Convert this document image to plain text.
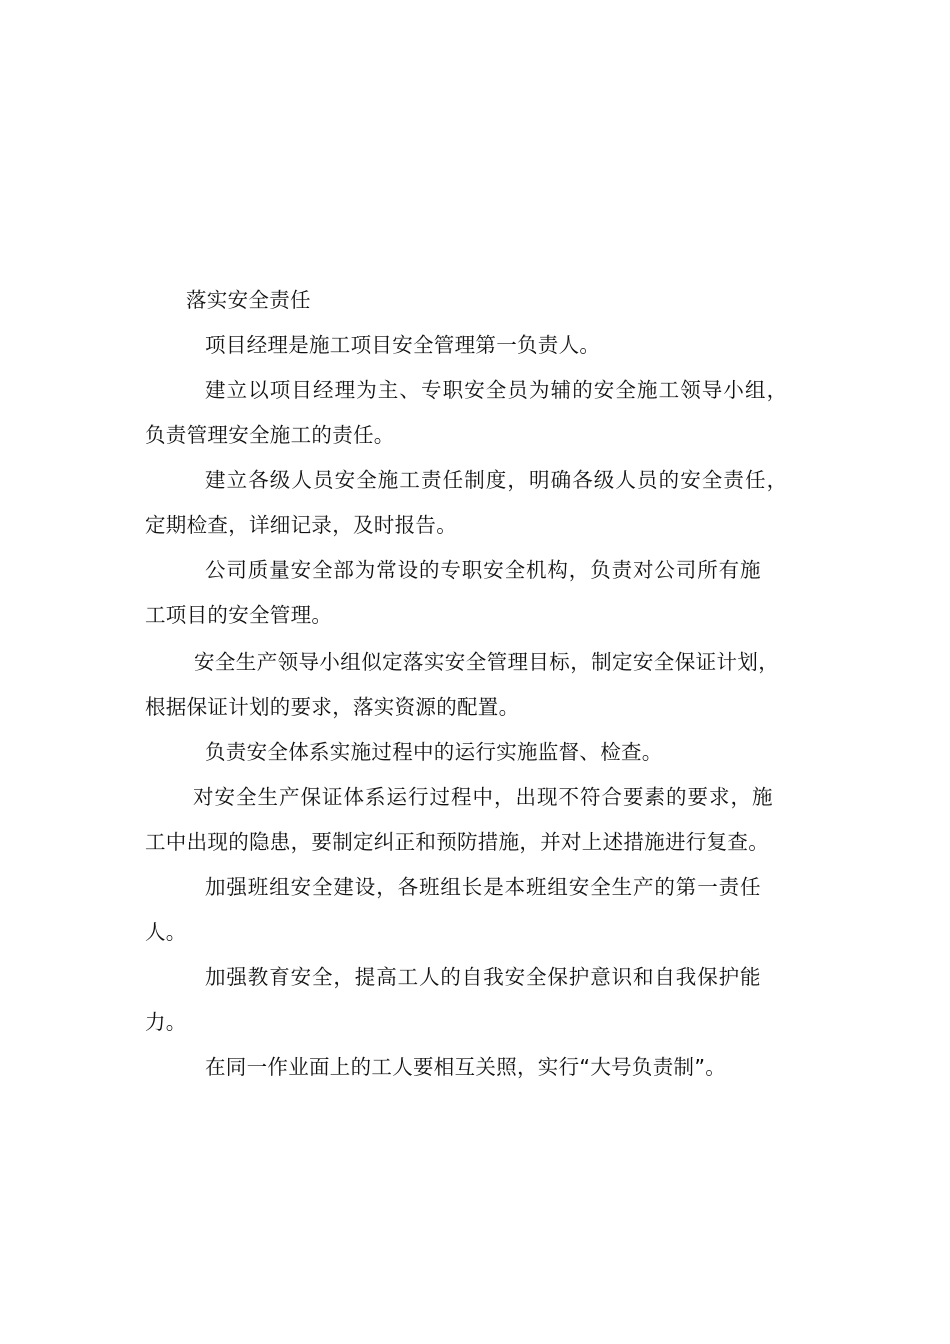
落实安全责任
项目经理是施工项目安全管理第一负责人。
建立以项目经理为主、专职安全员为辅的安全施工领导小组，
负责管理安全施工的责任。
建立各级人员安全施工责任制度，明确各级人员的安全责任，
定期检查，详细记录，及时报告。
公司质量安全部为常设的专职安全机构，负责对公司所有施
工项目的安全管理。
安全生产领导小组似定落实安全管理目标，制定安全保证计划，
根据保证计划的要求，落实资源的配置。
负责安全体系实施过程中的运行实施监督、检查。
对安全生产保证体系运行过程中，出现不符合要素的要求，施
工中出现的隐患，要制定纠正和预防措施，并对上述措施进行复查。
加强班组安全建设，各班组长是本班组安全生产的第一责任
人。
加强教育安全，提高工人的自我安全保护意识和自我保护能
力。
在同一作业面上的工人要相互关照，实行“大号负责制”。
